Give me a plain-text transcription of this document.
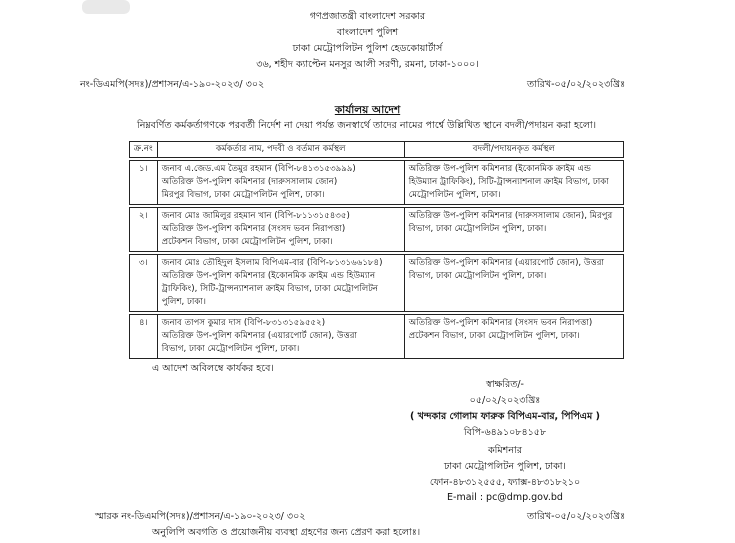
গণপ্রজাতন্ত্রী বাংলাদেশ সরকার
বাংলাদেশ পুলিশ
ঢাকা মেট্রোপলিটন পুলিশ হেডকোয়ার্টার্স
৩৬, শহীদ ক্যাপ্টেন মনসুর আলী সরণী, রমনা, ঢাকা-১০০০।
নং-ডিএমপি(সদঃ)/প্রশাসন/এ-১৯০-২০২৩/ ৩০২	তারিখ-০৫/০২/২০২৩খ্রিঃ
কার্যালয় আদেশ
নিম্নবর্ণিত কর্মকর্তাগণকে পরবর্তী নির্দেশ না দেয়া পর্যন্ত জনস্বার্থে তাদের নামের পার্শ্বে উল্লিখিত স্থানে বদলী/পদায়ন করা হলো।
ক্র.নং	কর্মকর্তার নাম, পদবী ও বর্তমান কর্মস্থল	বদলী/পদায়নকৃত কর্মস্থল

১।	জনাব এ.জেড.এম তৈমুর রহমান (বিপি-৮৪১৩১৫৩৯৯৯)
অতিরিক্ত উপ-পুলিশ কমিশনার (দারুসসালাম জোন)
মিরপুর বিভাগ, ঢাকা মেট্রোপলিটন পুলিশ, ঢাকা।	অতিরিক্ত উপ-পুলিশ কমিশনার (ইকোনমিক ক্রাইম এন্ড
হিউম্যান ট্রাফিকিং), সিটি-ট্রান্সন্যাশনাল ক্রাইম বিভাগ, ঢাকা
মেট্রোপলিটন পুলিশ, ঢাকা।

২।	জনাব মোঃ জামিলুর রহমান খান (বিপি-৮১১৩১৫৪৩৫)
অতিরিক্ত উপ-পুলিশ কমিশনার (সংসদ ভবন নিরাপত্তা)
প্রটেকশন বিভাগ, ঢাকা মেট্রোপলিটন পুলিশ, ঢাকা।	অতিরিক্ত উপ-পুলিশ কমিশনার (দারুসসালাম জোন), মিরপুর
বিভাগ, ঢাকা মেট্রোপলিটন পুলিশ, ঢাকা।

৩।	জনাব মোঃ তৌহিদুল ইসলাম বিপিএম-বার (বিপি-৮১৩১৬৬১৮৪)
অতিরিক্ত উপ-পুলিশ কমিশনার (ইকোনমিক ক্রাইম এন্ড হিউম্যান
ট্রাফিকিং), সিটি-ট্রান্সন্যাশনাল ক্রাইম বিভাগ, ঢাকা মেট্রোপলিটন
পুলিশ, ঢাকা।	অতিরিক্ত উপ-পুলিশ কমিশনার (এয়ারপোর্ট জোন), উত্তরা
বিভাগ, ঢাকা মেট্রোপলিটন পুলিশ, ঢাকা।

৪।	জনাব তাপস কুমার দাস (বিপি-৮৩১৩১৫৯৫৫২)
অতিরিক্ত উপ-পুলিশ কমিশনার (এয়ারপোর্ট জোন), উত্তরা
বিভাগ, ঢাকা মেট্রোপলিটন পুলিশ, ঢাকা।	অতিরিক্ত উপ-পুলিশ কমিশনার (সংসদ ভবন নিরাপত্তা)
প্রটেকশন বিভাগ, ঢাকা মেট্রোপলিটন পুলিশ, ঢাকা।
এ আদেশ অবিলম্বে কার্যকর হবে।
স্বাক্ষরিত/-
০৫/০২/২০২৩খ্রিঃ
( খন্দকার গোলাম ফারুক বিপিএম-বার, পিপিএম )
বিপি-৬৪৯১০৮৪১৫৮
কমিশনার
ঢাকা মেট্রোপলিটন পুলিশ, ঢাকা।
ফোন-৪৮৩১২৫৫৫, ফ্যাক্স-৪৮৩১৮২১০
E-mail : pc@dmp.gov.bd
স্মারক নং-ডিএমপি(সদঃ)/প্রশাসন/এ-১৯০-২০২৩/ ৩০২	তারিখ-০৫/০২/২০২৩খ্রিঃ
অনুলিপি অবগতি ও প্রয়োজনীয় ব্যবস্থা গ্রহণের জন্য প্রেরণ করা হলোঃ।
